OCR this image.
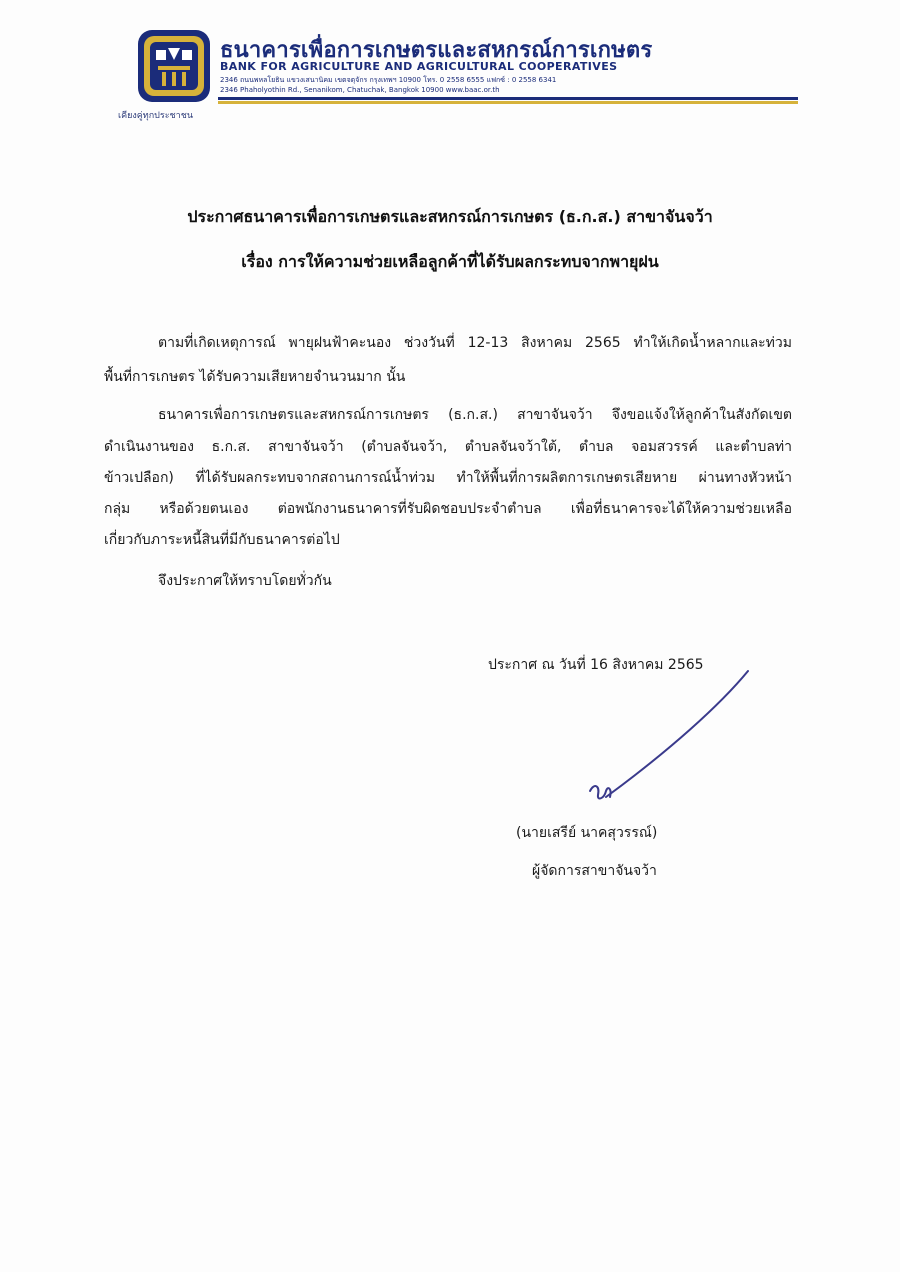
เคียงคู่ทุกประชาชน
ธนาคารเพื่อการเกษตรและสหกรณ์การเกษตร
BANK FOR AGRICULTURE AND AGRICULTURAL COOPERATIVES
2346 ถนนพหลโยธิน แขวงเสนานิคม เขตจตุจักร กรุงเทพฯ 10900 โทร. 0 2558 6555 แฟกซ์ : 0 2558 6341
2346 Phaholyothin Rd., Senanikom, Chatuchak, Bangkok 10900 www.baac.or.th
ประกาศธนาคารเพื่อการเกษตรและสหกรณ์การเกษตร (ธ.ก.ส.) สาขาจันจว้า
เรื่อง การให้ความช่วยเหลือลูกค้าที่ได้รับผลกระทบจากพายุฝน
ตามที่เกิดเหตุการณ์ พายุฝนฟ้าคะนอง ช่วงวันที่ 12-13 สิงหาคม 2565 ทำให้เกิดน้ำหลากและท่วม
พื้นที่การเกษตร ได้รับความเสียหายจำนวนมาก นั้น
ธนาคารเพื่อการเกษตรและสหกรณ์การเกษตร (ธ.ก.ส.) สาขาจันจว้า จึงขอแจ้งให้ลูกค้าในสังกัดเขต
ดำเนินงานของ ธ.ก.ส. สาขาจันจว้า (ตำบลจันจว้า, ตำบลจันจว้าใต้, ตำบล จอมสวรรค์ และตำบลท่า
ข้าวเปลือก) ที่ได้รับผลกระทบจากสถานการณ์น้ำท่วม ทำให้พื้นที่การผลิตการเกษตรเสียหาย ผ่านทางหัวหน้า
กลุ่ม หรือด้วยตนเอง ต่อพนักงานธนาคารที่รับผิดชอบประจำตำบล เพื่อที่ธนาคารจะได้ให้ความช่วยเหลือ
เกี่ยวกับภาระหนี้สินที่มีกับธนาคารต่อไป
จึงประกาศให้ทราบโดยทั่วกัน
ประกาศ ณ วันที่ 16 สิงหาคม 2565
(นายเสรีย์ นาคสุวรรณ์)
ผู้จัดการสาขาจันจว้า
